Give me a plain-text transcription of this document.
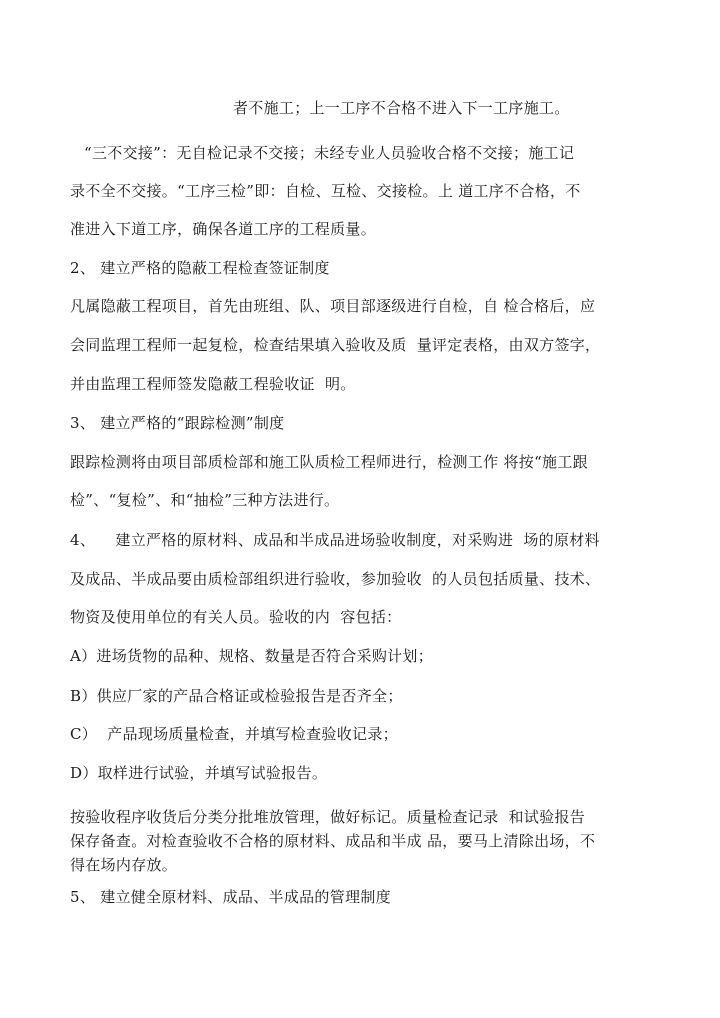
者不施工；上一工序不合格不进入下一工序施工。
“三不交接”：无自检记录不交接；未经专业人员验收合格不交接；施工记
录不全不交接。“工序三检”即：自检、互检、交接检。上 道工序不合格，不
准进入下道工序，确保各道工序的工程质量。
2、 建立严格的隐蔽工程检查签证制度
凡属隐蔽工程项目，首先由班组、队、项目部逐级进行自检，自 检合格后，应
会同监理工程师一起复检，检查结果填入验收及质  量评定表格，由双方签字，
并由监理工程师签发隐蔽工程验收证  明。
3、 建立严格的“跟踪检测”制度
跟踪检测将由项目部质检部和施工队质检工程师进行，检测工作 将按“施工跟
检”、“复检”、和“抽检”三种方法进行。
4、    建立严格的原材料、成品和半成品进场验收制度，对采购进  场的原材料
及成品、半成品要由质检部组织进行验收，参加验收  的人员包括质量、技术、
物资及使用单位的有关人员。验收的内  容包括：
A）进场货物的品种、规格、数量是否符合采购计划；
B）供应厂家的产品合格证或检验报告是否齐全；
C）  产品现场质量检查，并填写检查验收记录；
D）取样进行试验，并填写试验报告。
按验收程序收货后分类分批堆放管理，做好标记。质量检查记录  和试验报告
保存备查。对检查验收不合格的原材料、成品和半成 品，要马上清除出场，不
得在场内存放。
5、 建立健全原材料、成品、半成品的管理制度
